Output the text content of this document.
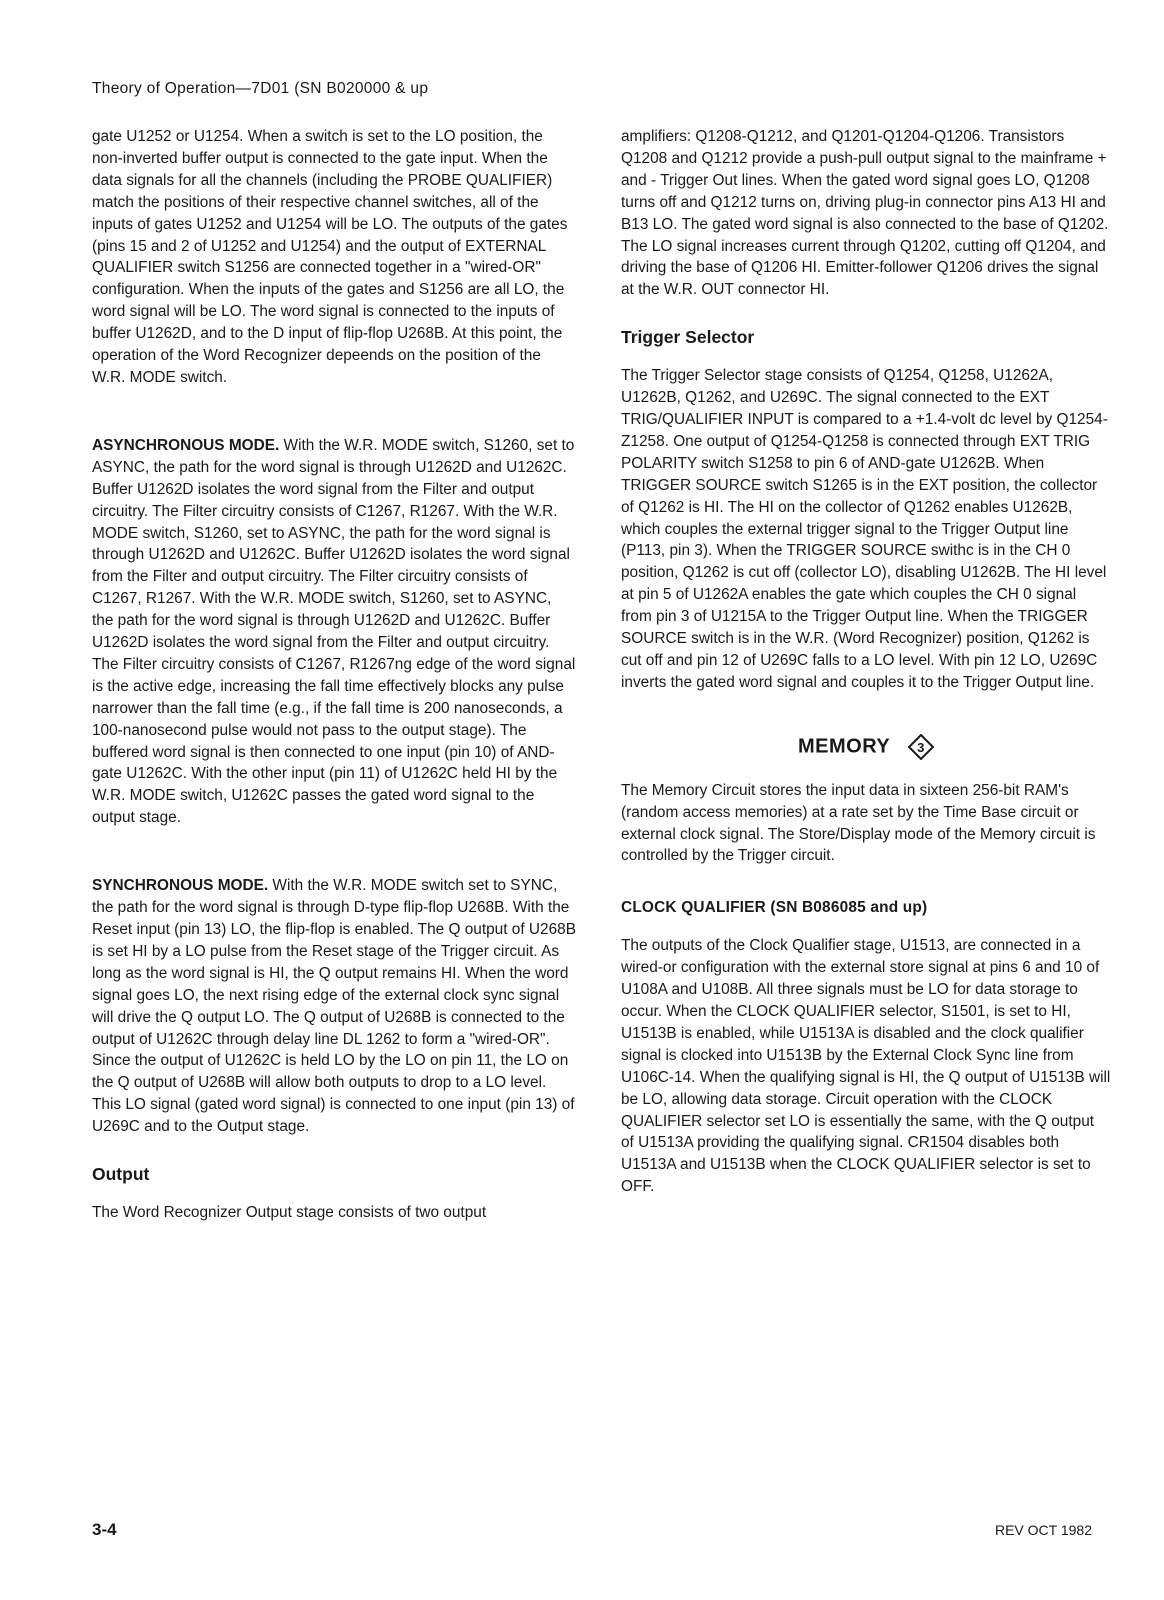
Theory of Operation—7D01 (SN B020000 & up

gate U1252 or U1254. When a switch is set to the LO position, the non-inverted buffer output is connected to the gate input. When the data signals for all the channels (including the PROBE QUALIFIER) match the positions of their respective channel switches, all of the inputs of gates U1252 and U1254 will be LO. The outputs of the gates (pins 15 and 2 of U1252 and U1254) and the output of EXTERNAL QUALIFIER switch S1256 are connected together in a "wired-OR" configuration. When the inputs of the gates and S1256 are all LO, the word signal will be LO. The word signal is connected to the inputs of buffer U1262D, and to the D input of flip-flop U268B. At this point, the operation of the Word Recognizer depeends on the position of the W.R. MODE switch.

ASYNCHRONOUS MODE. With the W.R. MODE switch, S1260, set to ASYNC, the path for the word signal is through U1262D and U1262C. Buffer U1262D isolates the word signal from the Filter and output circuitry. The Filter circuitry consists of C1267, R1267. With the W.R. MODE switch, S1260, set to ASYNC, the path for the word signal is through U1262D and U1262C. Buffer U1262D isolates the word signal from the Filter and output circuitry. The Filter circuitry consists of C1267, R1267. With the W.R. MODE switch, S1260, set to ASYNC, the path for the word signal is through U1262D and U1262C. Buffer U1262D isolates the word signal from the Filter and output circuitry. The Filter circuitry consists of C1267, R1267ng edge of the word signal is the active edge, increasing the fall time effectively blocks any pulse narrower than the fall time (e.g., if the fall time is 200 nanoseconds, a 100-nanosecond pulse would not pass to the output stage). The buffered word signal is then connected to one input (pin 10) of AND-gate U1262C. With the other input (pin 11) of U1262C held HI by the W.R. MODE switch, U1262C passes the gated word signal to the output stage.

SYNCHRONOUS MODE. With the W.R. MODE switch set to SYNC, the path for the word signal is through D-type flip-flop U268B. With the Reset input (pin 13) LO, the flip-flop is enabled. The Q output of U268B is set HI by a LO pulse from the Reset stage of the Trigger circuit. As long as the word signal is HI, the Q output remains HI. When the word signal goes LO, the next rising edge of the external clock sync signal will drive the Q output LO. The Q output of U268B is connected to the output of U1262C through delay line DL 1262 to form a "wired-OR". Since the output of U1262C is held LO by the LO on pin 11, the LO on the Q output of U268B will allow both outputs to drop to a LO level. This LO signal (gated word signal) is connected to one input (pin 13) of U269C and to the Output stage.

Output

The Word Recognizer Output stage consists of two output

amplifiers: Q1208-Q1212, and Q1201-Q1204-Q1206. Transistors Q1208 and Q1212 provide a push-pull output signal to the mainframe + and - Trigger Out lines. When the gated word signal goes LO, Q1208 turns off and Q1212 turns on, driving plug-in connector pins A13 HI and B13 LO. The gated word signal is also connected to the base of Q1202. The LO signal increases current through Q1202, cutting off Q1204, and driving the base of Q1206 HI. Emitter-follower Q1206 drives the signal at the W.R. OUT connector HI.

Trigger Selector

The Trigger Selector stage consists of Q1254, Q1258, U1262A, U1262B, Q1262, and U269C. The signal connected to the EXT TRIG/QUALIFIER INPUT is compared to a +1.4-volt dc level by Q1254-Z1258. One output of Q1254-Q1258 is connected through EXT TRIG POLARITY switch S1258 to pin 6 of AND-gate U1262B. When TRIGGER SOURCE switch S1265 is in the EXT position, the collector of Q1262 is HI. The HI on the collector of Q1262 enables U1262B, which couples the external trigger signal to the Trigger Output line (P113, pin 3). When the TRIGGER SOURCE swithc is in the CH 0 position, Q1262 is cut off (collector LO), disabling U1262B. The HI level at pin 5 of U1262A enables the gate which couples the CH 0 signal from pin 3 of U1215A to the Trigger Output line. When the TRIGGER SOURCE switch is in the W.R. (Word Recognizer) position, Q1262 is cut off and pin 12 of U269C falls to a LO level. With pin 12 LO, U269C inverts the gated word signal and couples it to the Trigger Output line.

MEMORY 3

The Memory Circuit stores the input data in sixteen 256-bit RAM's (random access memories) at a rate set by the Time Base circuit or external clock signal. The Store/Display mode of the Memory circuit is controlled by the Trigger circuit.

CLOCK QUALIFIER (SN B086085 and up)

The outputs of the Clock Qualifier stage, U1513, are connected in a wired-or configuration with the external store signal at pins 6 and 10 of U108A and U108B. All three signals must be LO for data storage to occur. When the CLOCK QUALIFIER selector, S1501, is set to HI, U1513B is enabled, while U1513A is disabled and the clock qualifier signal is clocked into U1513B by the External Clock Sync line from U106C-14. When the qualifying signal is HI, the Q output of U1513B will be LO, allowing data storage. Circuit operation with the CLOCK QUALIFIER selector set LO is essentially the same, with the Q output of U1513A providing the qualifying signal. CR1504 disables both U1513A and U1513B when the CLOCK QUALIFIER selector is set to OFF.

3-4	REV OCT 1982
